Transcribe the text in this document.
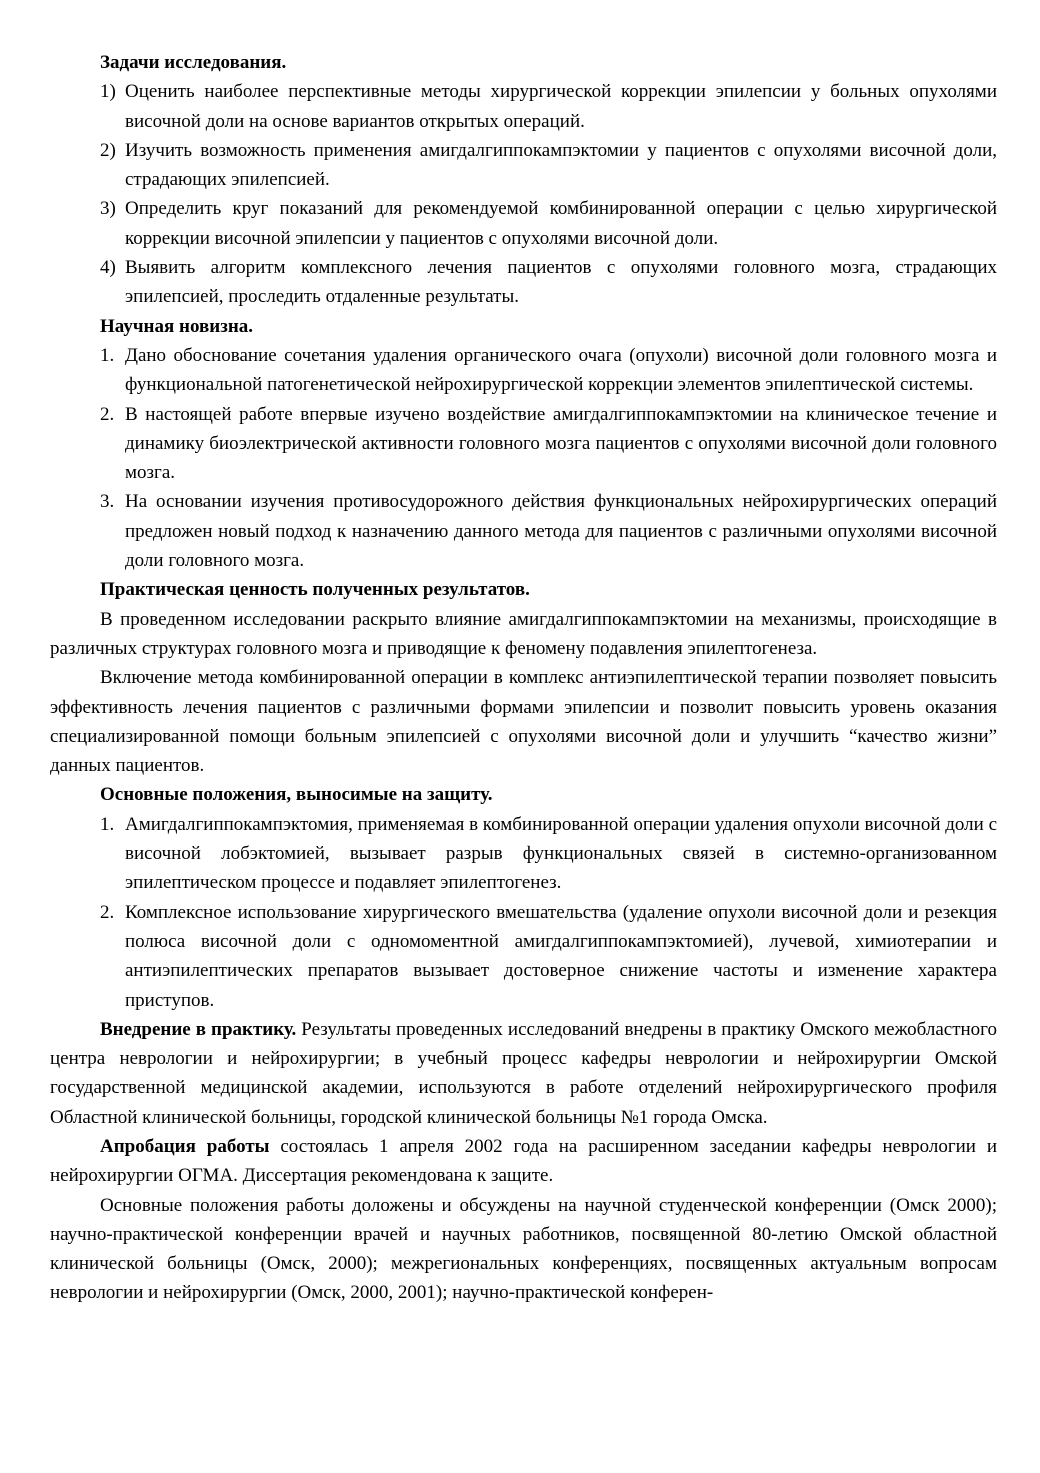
Задачи исследования.

1) Оценить наиболее перспективные методы хирургической коррекции эпилепсии у больных опухолями височной доли на основе вариантов открытых операций.
2) Изучить возможность применения амигдалгиппокампэктомии у пациентов с опухолями височной доли, страдающих эпилепсией.
3) Определить круг показаний для рекомендуемой комбинированной операции с целью хирургической коррекции височной эпилепсии у пациентов с опухолями височной доли.
4) Выявить алгоритм комплексного лечения пациентов с опухолями головного мозга, страдающих эпилепсией, проследить отдаленные результаты.

Научная новизна.

1. Дано обоснование сочетания удаления органического очага (опухоли) височной доли головного мозга и функциональной патогенетической нейрохирургической коррекции элементов эпилептической системы.
2. В настоящей работе впервые изучено воздействие амигдалгиппокампэктомии на клиническое течение и динамику биоэлектрической активности головного мозга пациентов с опухолями височной доли головного мозга.
3. На основании изучения противосудорожного действия функциональных нейрохирургических операций предложен новый подход к назначению данного метода для пациентов с различными опухолями височной доли головного мозга.

Практическая ценность полученных результатов.

В проведенном исследовании раскрыто влияние амигдалгиппокампэктомии на механизмы, происходящие в различных структурах головного мозга и приводящие к феномену подавления эпилептогенеза.

Включение метода комбинированной операции в комплекс антиэпилептической терапии позволяет повысить эффективность лечения пациентов с различными формами эпилепсии и позволит повысить уровень оказания специализированной помощи больным эпилепсией с опухолями височной доли и улучшить “качество жизни” данных пациентов.

Основные положения, выносимые на защиту.

1. Амигдалгиппокампэктомия, применяемая в комбинированной операции удаления опухоли височной доли с височной лобэктомией, вызывает разрыв функциональных связей в системно-организованном эпилептическом процессе и подавляет эпилептогенез.
2. Комплексное использование хирургического вмешательства (удаление опухоли височной доли и резекция полюса височной доли с одномоментной амигдалгиппокампэктомией), лучевой, химиотерапии и антиэпилептических препаратов вызывает достоверное снижение частоты и изменение характера приступов.

Внедрение в практику. Результаты проведенных исследований внедрены в практику Омского межобластного центра неврологии и нейрохирургии; в учебный процесс кафедры неврологии и нейрохирургии Омской государственной медицинской академии, используются в работе отделений нейрохирургического профиля Областной клинической больницы, городской клинической больницы №1 города Омска.

Апробация работы состоялась 1 апреля 2002 года на расширенном заседании кафедры неврологии и нейрохирургии ОГМА. Диссертация рекомендована к защите.

Основные положения работы доложены и обсуждены на научной студенческой конференции (Омск 2000); научно-практической конференции врачей и научных работников, посвященной 80-летию Омской областной клинической больницы (Омск, 2000); межрегиональных конференциях, посвященных актуальным вопросам неврологии и нейрохирургии (Омск, 2000, 2001); научно-практической конферен-
